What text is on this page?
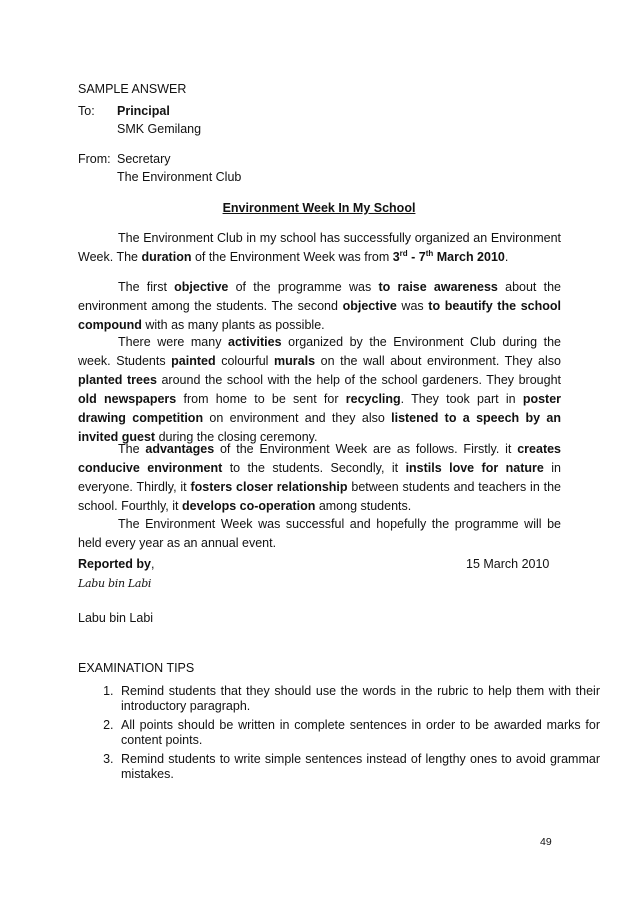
SAMPLE ANSWER
To: Principal
SMK Gemilang
From: Secretary
The Environment Club
Environment Week In My School

The Environment Club in my school has successfully organized an Environment Week. The duration of the Environment Week was from 3rd - 7th March 2010.

The first objective of the programme was to raise awareness about the environment among the students. The second objective was to beautify the school compound with as many plants as possible.

There were many activities organized by the Environment Club during the week. Students painted colourful murals on the wall about environment. They also planted trees around the school with the help of the school gardeners. They brought old newspapers from home to be sent for recycling. They took part in poster drawing competition on environment and they also listened to a speech by an invited guest during the closing ceremony.

The advantages of the Environment Week are as follows. Firstly. it creates conducive environment to the students. Secondly, it instils love for nature in everyone. Thirdly, it fosters closer relationship between students and teachers in the school. Fourthly, it develops co-operation among students.

The Environment Week was successful and hopefully the programme will be held every year as an annual event.

Reported by,	15 March 2010
Labu bin Labi
Labu bin Labi
EXAMINATION TIPS
1. Remind students that they should use the words in the rubric to help them with their introductory paragraph.
2. All points should be written in complete sentences in order to be awarded marks for content points.
3. Remind students to write simple sentences instead of lengthy ones to avoid grammar mistakes.
49
